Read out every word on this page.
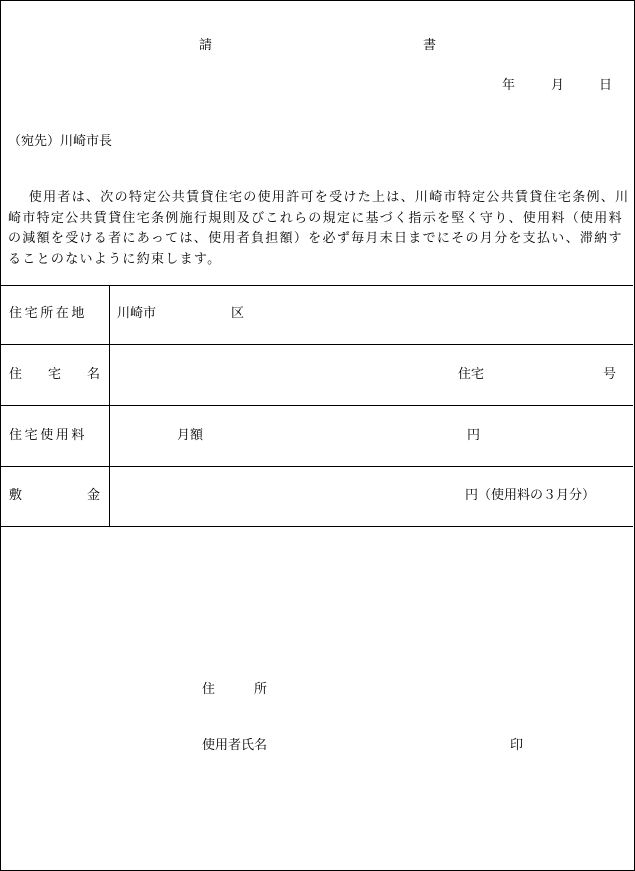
請	書
年	月	日
（宛先）川崎市長
使用者は、次の特定公共賃貸住宅の使用許可を受けた上は、川崎市特定公共賃貸住宅条例、川崎市特定公共賃貸住宅条例施行規則及びこれらの規定に基づく指示を堅く守り、使用料（使用料の減額を受ける者にあっては、使用者負担額）を必ず毎月末日までにその月分を支払い、滞納することのないように約束します。
住宅所在地 川崎市	区
住　　宅　　名	住宅	号
住宅使用料	月額	円
敷　　　　　金	円（使用料の３月分）
住　　　所
使用者氏名	印
